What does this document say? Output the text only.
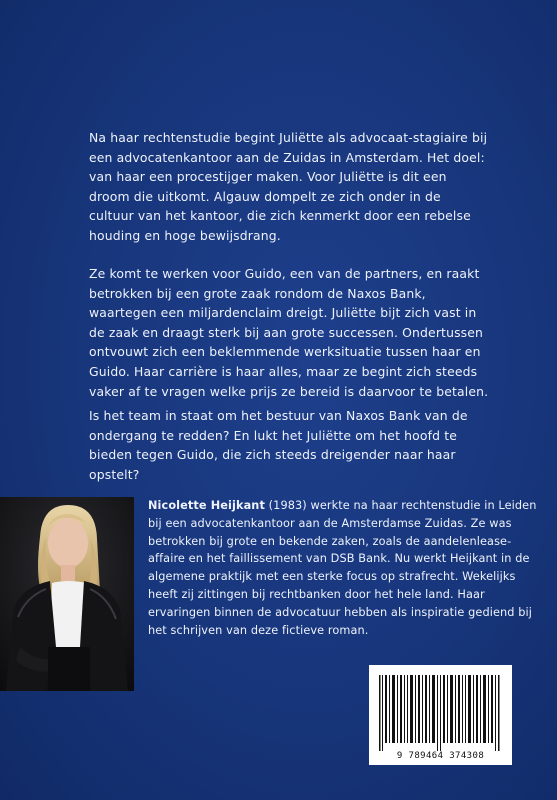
Na haar rechtenstudie begint Juliëtte als advocaat-stagiaire bij een advocatenkantoor aan de Zuidas in Amsterdam. Het doel: van haar een procestijger maken. Voor Juliëtte is dit een droom die uitkomt. Algauw dompelt ze zich onder in de cultuur van het kantoor, die zich kenmerkt door een rebelse houding en hoge bewijsdrang.

Ze komt te werken voor Guido, een van de partners, en raakt betrokken bij een grote zaak rondom de Naxos Bank, waartegen een miljardenclaim dreigt. Juliëtte bijt zich vast in de zaak en draagt sterk bij aan grote successen. Ondertussen ontvouwt zich een beklemmende werksituatie tussen haar en Guido. Haar carrière is haar alles, maar ze begint zich steeds vaker af te vragen welke prijs ze bereid is daarvoor te betalen.

Is het team in staat om het bestuur van Naxos Bank van de ondergang te redden? En lukt het Juliëtte om het hoofd te bieden tegen Guido, die zich steeds dreigender naar haar opstelt?

Nicolette Heijkant (1983) werkte na haar rechtenstudie in Leiden bij een advocatenkantoor aan de Amsterdamse Zuidas. Ze was betrokken bij grote en bekende zaken, zoals de aandelenlease-affaire en het faillissement van DSB Bank. Nu werkt Heijkant in de algemene praktijk met een sterke focus op strafrecht. Wekelijks heeft zij zittingen bij rechtbanken door het hele land. Haar ervaringen binnen de advocatuur hebben als inspiratie gediend bij het schrijven van deze fictieve roman.
9 789464 374308
